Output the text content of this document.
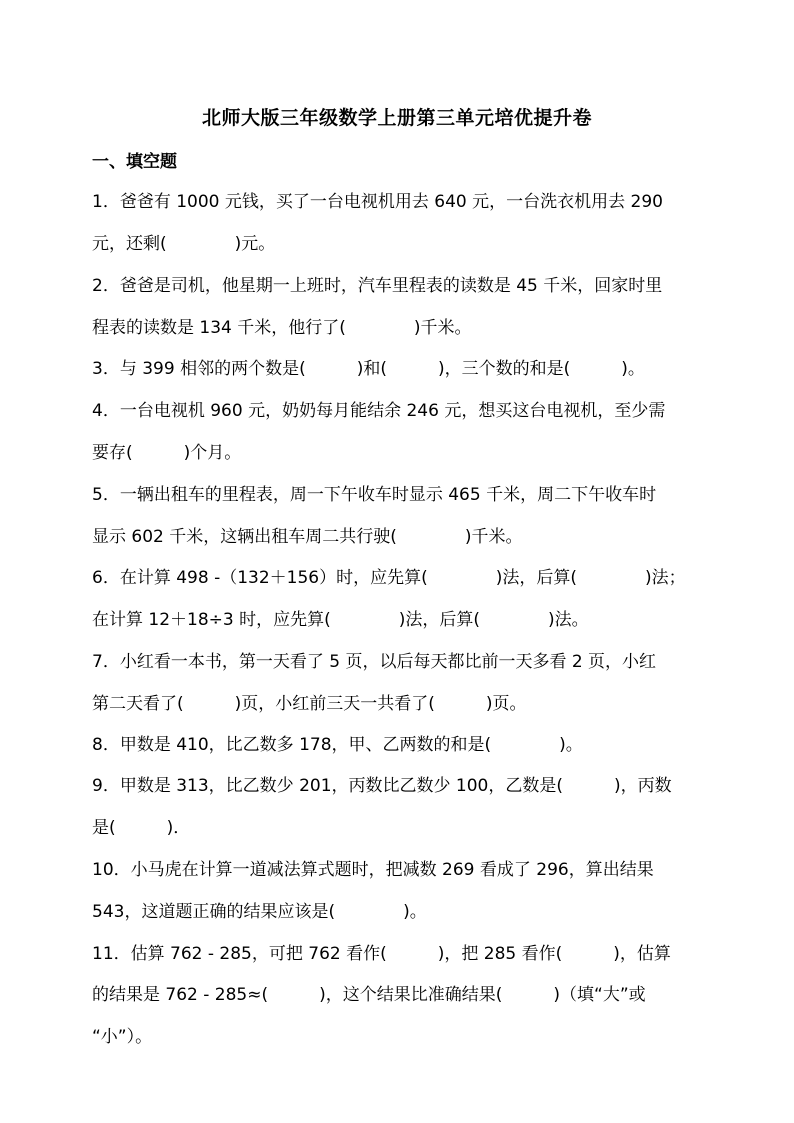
北师大版三年级数学上册第三单元培优提升卷
一、填空题
1．爸爸有 1000 元钱，买了一台电视机用去 640 元，一台洗衣机用去 290
元，还剩(　　　　)元。
2．爸爸是司机，他星期一上班时，汽车里程表的读数是 45 千米，回家时里
程表的读数是 134 千米，他行了(　　　　)千米。
3．与 399 相邻的两个数是(　　　)和(　　　)，三个数的和是(　　　)。
4．一台电视机 960 元，奶奶每月能结余 246 元，想买这台电视机，至少需
要存(　　　)个月。
5．一辆出租车的里程表，周一下午收车时显示 465 千米，周二下午收车时
显示 602 千米，这辆出租车周二共行驶(　　　　)千米。
6．在计算 498 -（132＋156）时，应先算(　　　　)法，后算(　　　　)法；
在计算 12＋18÷3 时，应先算(　　　　)法，后算(　　　　)法。
7．小红看一本书，第一天看了 5 页，以后每天都比前一天多看 2 页，小红
第二天看了(　　　)页，小红前三天一共看了(　　　)页。
8．甲数是 410，比乙数多 178，甲、乙两数的和是(　　　　)。
9．甲数是 313，比乙数少 201，丙数比乙数少 100，乙数是(　　　)，丙数
是(　　　)．
10．小马虎在计算一道减法算式题时，把减数 269 看成了 296，算出结果
543，这道题正确的结果应该是(　　　　)。
11．估算 762 - 285，可把 762 看作(　　　)，把 285 看作(　　　)，估算
的结果是 762 - 285≈(　　　)，这个结果比准确结果(　　　)（填“大”或
“小”）。
